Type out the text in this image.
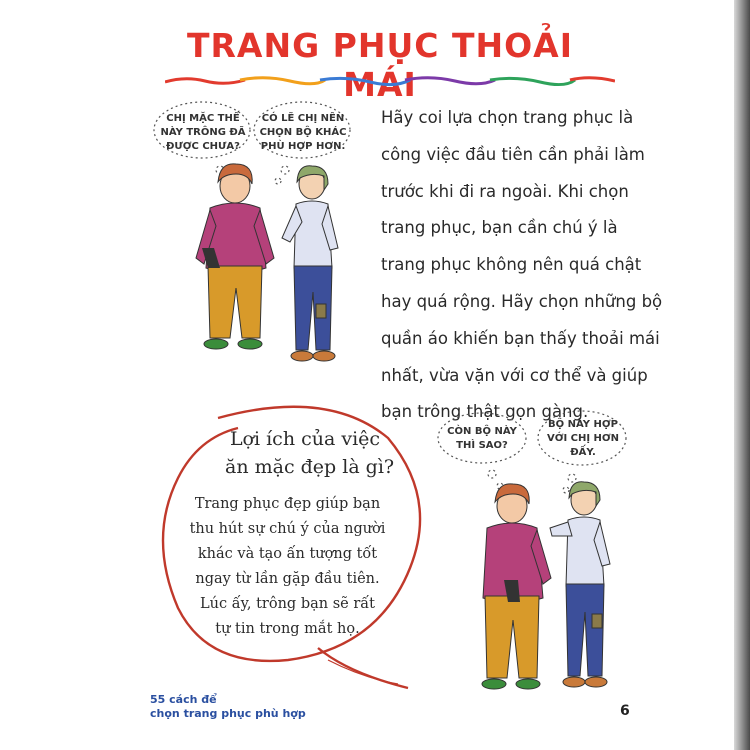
TRANG PHỤC THOẢI MÁI
Hãy coi lựa chọn trang phục là
công việc đầu tiên cần phải làm
trước khi đi ra ngoài. Khi chọn
trang phục, bạn cần chú ý là
trang phục không nên quá chật
hay quá rộng. Hãy chọn những bộ
quần áo khiến bạn thấy thoải mái
nhất, vừa vặn với cơ thể và giúp
bạn trông thật gọn gàng.
CHỊ MẶC THẾ
NÀY TRÔNG ĐÃ
ĐƯỢC CHƯA?
CÓ LẼ CHỊ NÊN
CHỌN BỘ KHÁC
PHÙ HỢP HƠN.
Lợi ích của việc
ăn mặc đẹp là gì?
Trang phục đẹp giúp bạn
thu hút sự chú ý của người
khác và tạo ấn tượng tốt
ngay từ lần gặp đầu tiên.
Lúc ấy, trông bạn sẽ rất
tự tin trong mắt họ.
CÒN BỘ NÀY
THÌ SAO?
BỘ NÀY HỢP
VỚI CHỊ HƠN
ĐẤY.
55 cách để
chọn trang phục phù hợp	6
